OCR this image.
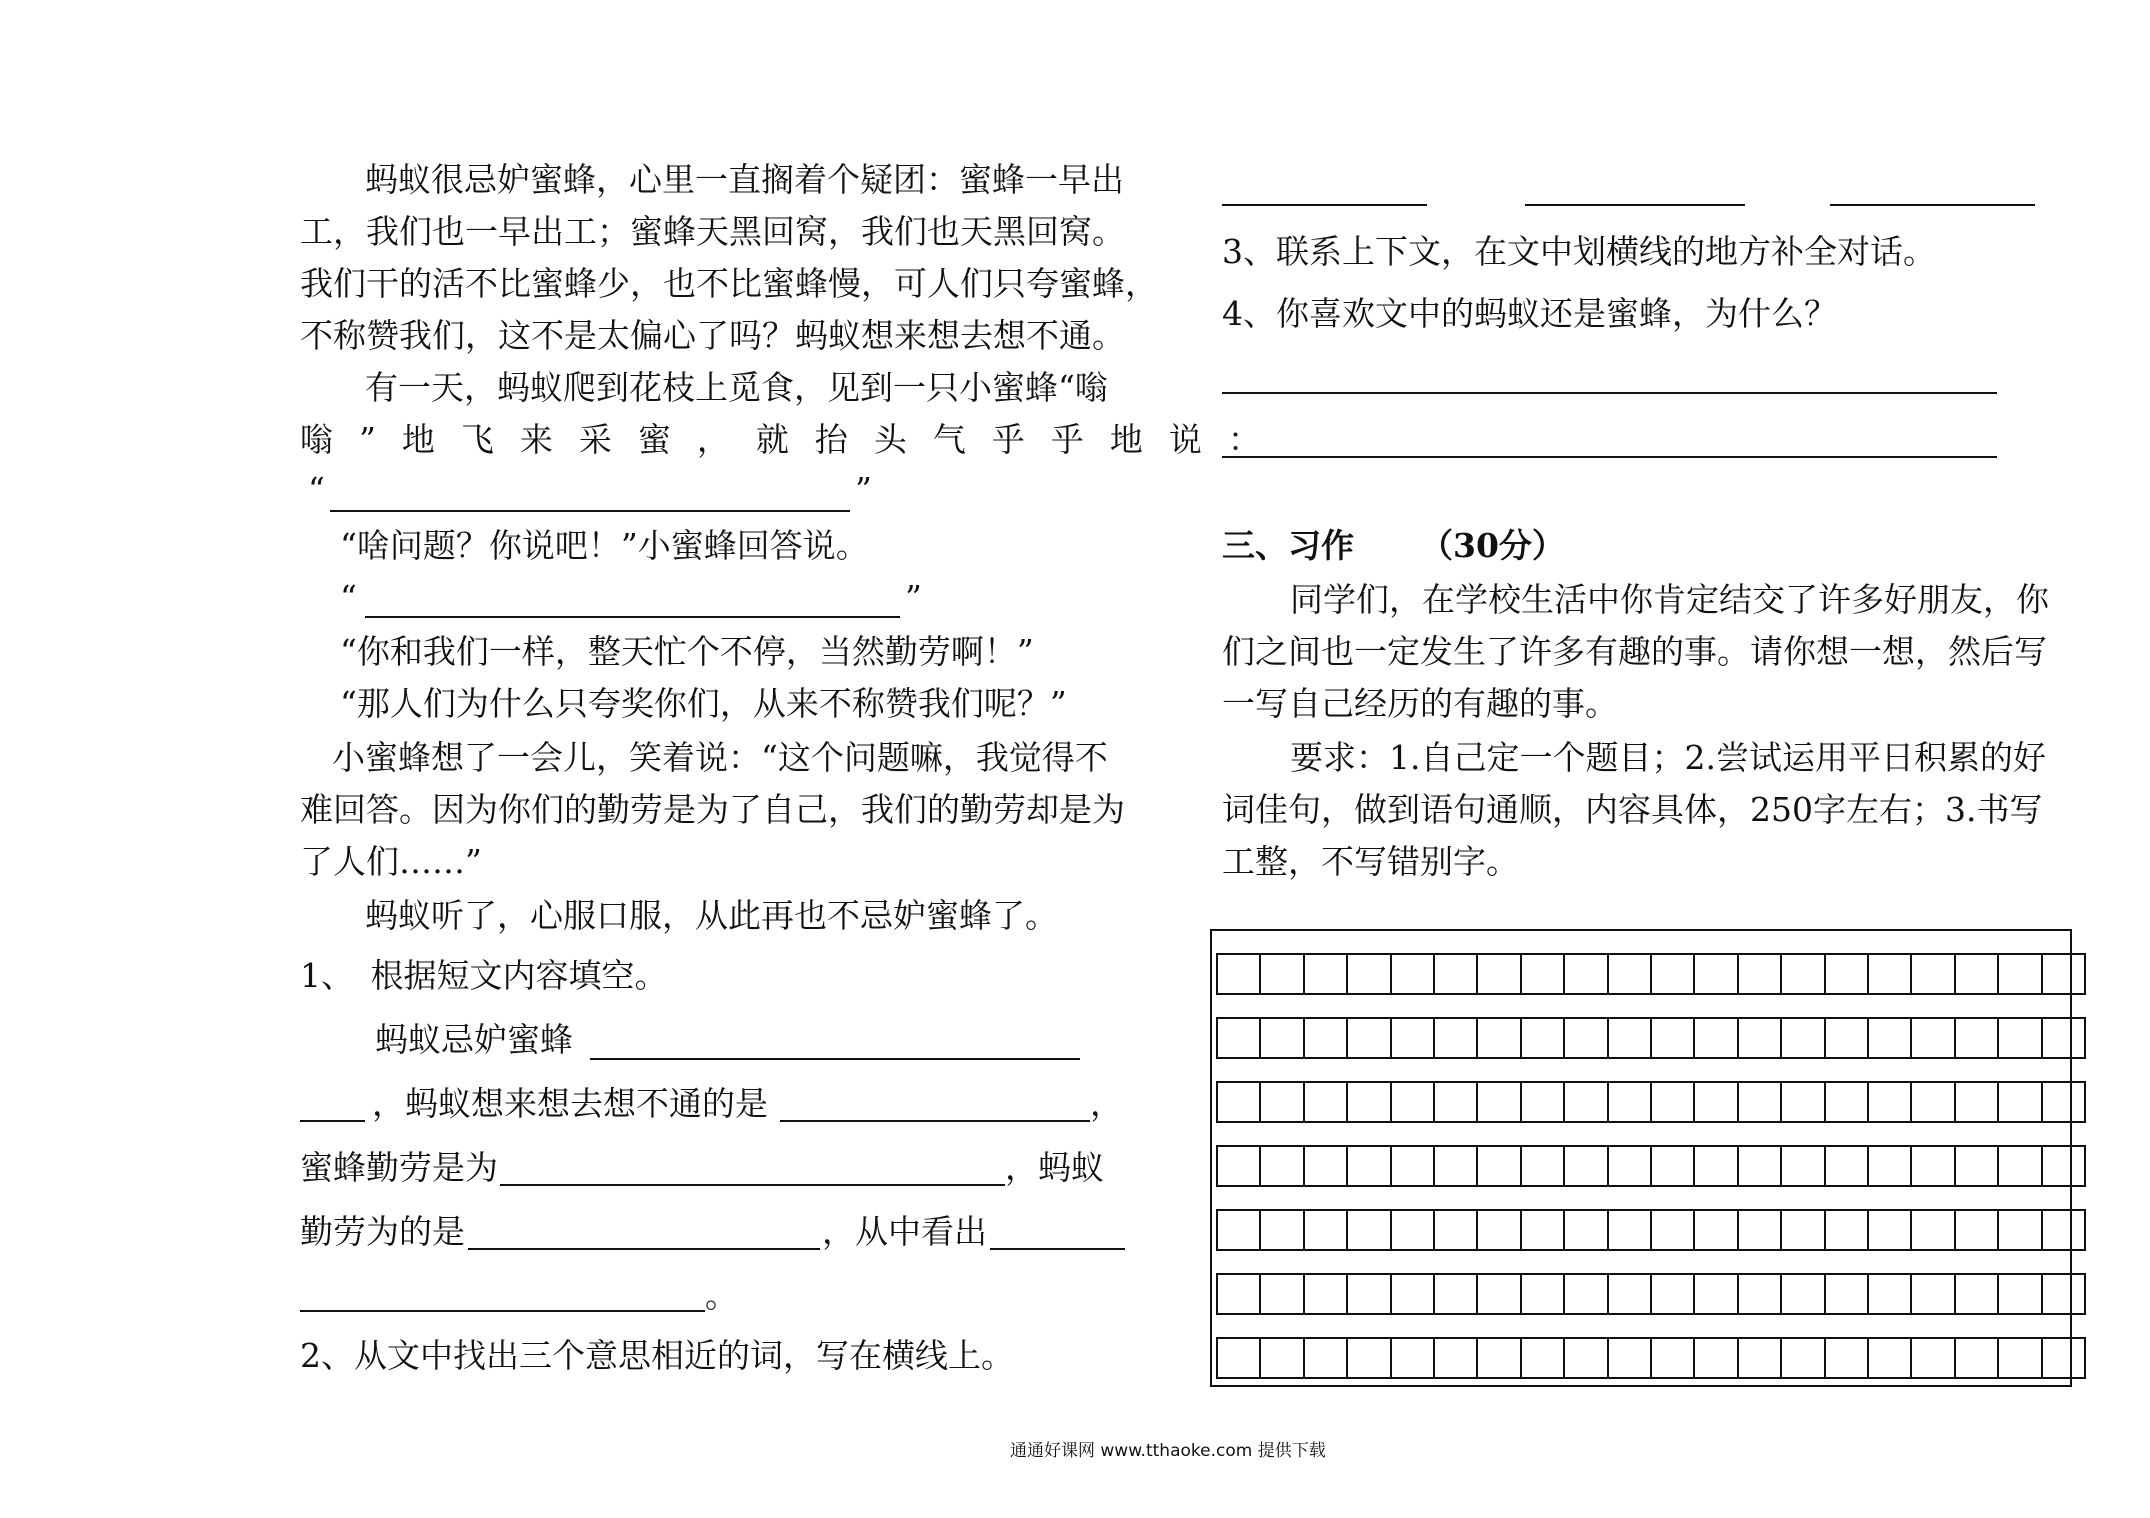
蚂蚁很忌妒蜜蜂，心里一直搁着个疑团：蜜蜂一早出
工，我们也一早出工；蜜蜂天黑回窝，我们也天黑回窝。
我们干的活不比蜜蜂少，也不比蜜蜂慢，可人们只夸蜜蜂，
不称赞我们，这不是太偏心了吗？蚂蚁想来想去想不通。
有一天，蚂蚁爬到花枝上觅食，见到一只小蜜蜂“嗡
嗡”地飞来采蜜，就抬头气乎乎地说：
“	”
“啥问题？你说吧！”小蜜蜂回答说。
“	”
“你和我们一样，整天忙个不停，当然勤劳啊！”
“那人们为什么只夸奖你们，从来不称赞我们呢？”
小蜜蜂想了一会儿，笑着说：“这个问题嘛，我觉得不
难回答。因为你们的勤劳是为了自己，我们的勤劳却是为
了人们……”
蚂蚁听了，心服口服，从此再也不忌妒蜜蜂了。
1、　根据短文内容填空。
蚂蚁忌妒蜜蜂
，蚂蚁想来想去想不通的是	，
蜜蜂勤劳是为	，蚂蚁
勤劳为的是	，从中看出
。
2、从文中找出三个意思相近的词，写在横线上。
3、联系上下文，在文中划横线的地方补全对话。
4、你喜欢文中的蚂蚁还是蜜蜂，为什么？
三、习作 （30分）
同学们，在学校生活中你肯定结交了许多好朋友，你
们之间也一定发生了许多有趣的事。请你想一想，然后写
一写自己经历的有趣的事。
要求：1.自己定一个题目；2.尝试运用平日积累的好
词佳句，做到语句通顺，内容具体，250字左右；3.书写
工整，不写错别字。
通通好课网 www.tthaoke.com 提供下载
